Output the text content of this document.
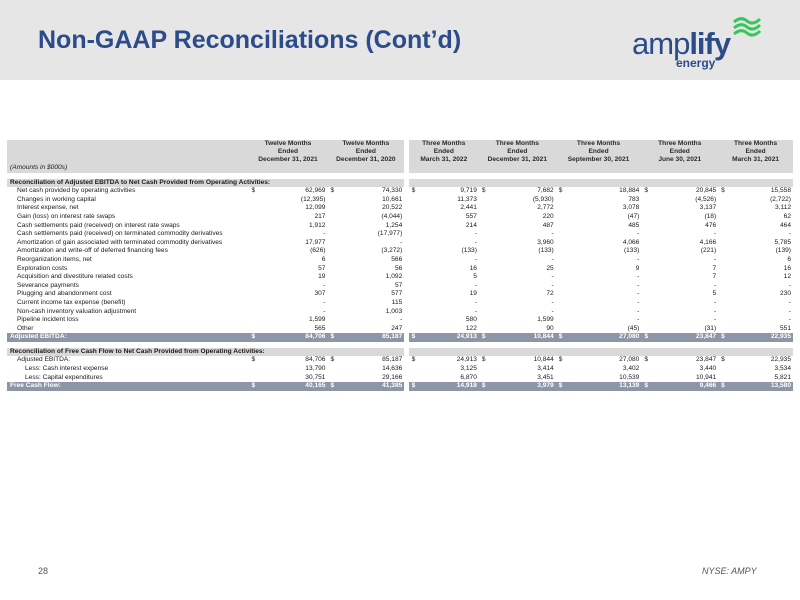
Non-GAAP Reconciliations (Cont’d)	amplify
energy
	Twelve Months		Twelve Months			Three Months		Three Months		Three Months		Three Months		Three Months	
	Ended		Ended			Ended		Ended		Ended		Ended		Ended	
	December 31, 2021		December 31, 2020			March 31, 2022		December 31, 2021		September 30, 2021		June 30, 2021		March 31, 2021	
(Amounts in $000s)															

Reconciliation of Adjusted EBITDA to Net Cash Provided from Operating Activities:															
Net cash provided by operating activities	$	62,969	$	74,330		$	9,719	$	7,682	$	18,884	$	20,845	$	15,558
Changes in working capital		(12,395)		10,661			11,373		(5,930)		783		(4,526)		(2,722)
Interest expense, net		12,099		20,522			2,441		2,772		3,078		3,137		3,112
Gain (loss) on interest rate swaps		217		(4,044)			557		220		(47)		(18)		62
Cash settlements paid (received) on interest rate swaps		1,912		1,254			214		487		485		476		464
Cash settlements paid (received) on terminated commodity derivatives		-		(17,977)			-		-		-		-		-
Amortization of gain associated with terminated commodity derivatives		17,977		-			-		3,960		4,066		4,166		5,785
Amortization and write-off of deferred financing fees		(626)		(3,272)			(133)		(133)		(133)		(221)		(139)
Reorganization items, net		6		566			-		-		-		-		6
Exploration costs		57		56			16		25		9		7		16
Acquisition and divestiture related costs		19		1,092			5		-		-		7		12
Severance payments		-		57			-		-		-		-		-
Plugging and abandonment cost		307		577			19		72		-		5		230
Current income tax expense (benefit)		-		115			-		-		-		-		-
Non-cash inventory valuation adjustment		-		1,003			-		-		-		-		-
Pipeline incident loss		1,599		-			580		1,599		-		-		-
Other		565		247			122		90		(45)		(31)		551
Adjusted EBITDA:	$	84,706	$	85,187		$	24,913	$	10,844	$	27,080	$	23,847	$	22,935

Reconciliation of Free Cash Flow to Net Cash Provided from Operating Activities:															
Adjusted EBITDA:	$	84,706	$	85,187		$	24,913	$	10,844	$	27,080	$	23,847	$	22,935
Less: Cash interest expense		13,790		14,636			3,125		3,414		3,402		3,440		3,534
Less: Capital expenditures		30,751		29,166			6,870		3,451		10,539		10,941		5,821
Free Cash Flow:	$	40,165	$	41,385		$	14,918	$	3,979	$	13,139	$	9,466	$	13,580
28	NYSE: AMPY
